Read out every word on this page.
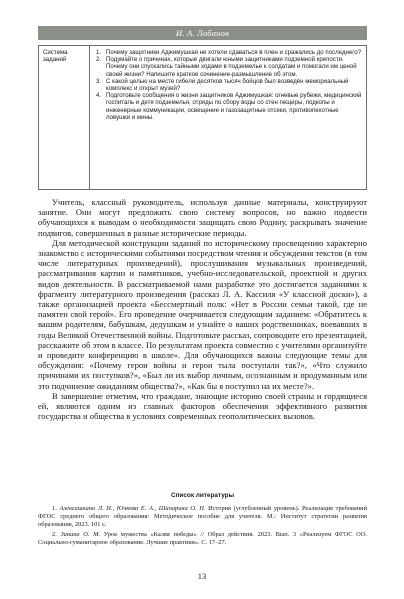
И. А. Лобанов
Система заданий
1. Почему защитники Аджимушкая не хотели сдаваться в плен и сражались до последнего?
2. Подумайте о причинах, которые двигали юными защитниками подземной крепости. Почему они спускались тайными ходами в подземелье к солдатам и помогали им ценой своей жизни? Напишите краткое сочинение-размышление об этом.
3. С какой целью на месте гибели десятков тысяч бойцов был возведён мемориальный комплекс и открыт музей?
4. Подготовьте сообщения о жизни защитников Аджимушкая: огневые рубежи, медицинский госпиталь и детя подземелья, отряды по сбору воды со стен пещеры, подкопы и инженерные коммуникации, освещение и газозащитные отсеки, противопехотные ловушки и мины.

Учитель, классный руководитель, используя данные материалы, конструируют занятие. Они могут предложить свою систему вопросов, но важно подвести обучающихся к выводам о необходимости защищать свою Родину, раскрывать значение подвигов, совершенных в разные исторические периоды.

Для методической конструкции заданий по историческому просвещению характерно знакомство с историческими событиями посредством чтения и обсуждения текстов (в том числе литературных произведений), прослушивания музыкальных произведений, рассматривания картин и памятников, учебно-исследовательской, проектной и других видов деятельности. В рассматриваемой нами разработке это достигается заданиями к фрагменту литературного произведения (рассказ Л. А. Кассиля «У классной доски»), а также организацией проекта «Бессмертный полк: «Нет в России семьи такой, где не памятен свой герой». Его проведение очерчивается следующим заданием: «Обратитесь к вашим родителям, бабушкам, дедушкам и узнайте о ваших родственниках, воевавших в годы Великой Отечественной войны. Подготовьте рассказ, сопроводите его презентацией, расскажите об этом в классе. По результатам проекта совместно с учителями организуйте и проведите конференцию в школе». Для обучающихся важны следующие темы для обсуждения: «Почему герои войны и герои тыла поступали так?», «Что служило причинами их поступков?», «Был ли их выбор личным, осознанным и продуманным или это подчинение ожиданиям общества?», «Как бы я поступил на их месте?».

В завершение отметим, что граждане, знающие историю своей страны и гордящиеся ей, являются одним из главных факторов обеспечения эффективного развития государства и общества в условиях современных геополитических вызовов.

Список литературы
1. Алексашкина Л. Н., Ючкова Е. А., Шапарина О. Н. История (углубленный уровень). Реализация требований ФГОС среднего общего образования: Методическое пособие для учителя. М.: Институт стратегии развития образования, 2023. 101 с.
2. Зинина О. М. Урок мужества «Каляя победы» // Образ действия. 2023. Вып. 3 «Реализуем ФГОС ОО. Социально-гуманитарное образование. Лучшие практики». С. 17–27.
13
